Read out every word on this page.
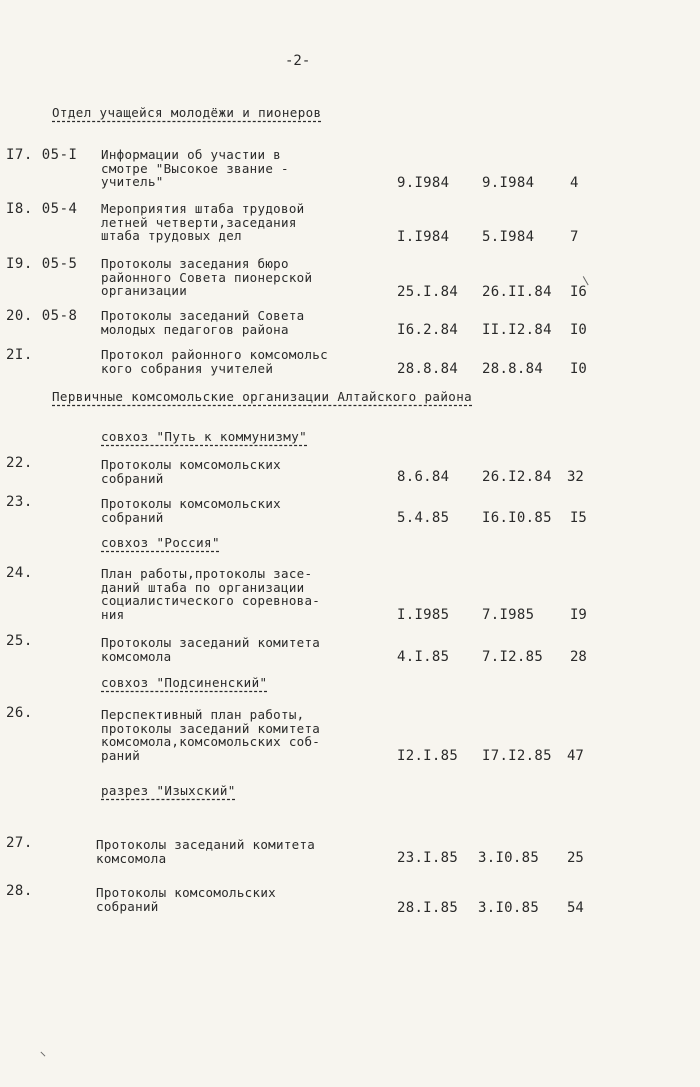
-2-
Отдел учащейся молодёжи и пионеров
I7. 05-I Информации об участии в
смотре "Высокое звание -
учитель"	9.I984 9.I984	4
I8. 05-4 Мероприятия штаба трудовой
летней четверти,заседания
штаба трудовых дел	I.I984 5.I984	7
I9. 05-5 Протоколы заседания бюро
районного Совета пионерской
организации	25.I.84 26.II.84 I6
20. 05-8 Протоколы заседаний Совета
молодых педагогов района	I6.2.84 II.I2.84 I0
2I.	Протокол районного комсомольс
кого собрания учителей	28.8.84 28.8.84 I0
Первичные комсомольские организации Алтайского района
совхоз "Путь к коммунизму"
22.	Протоколы комсомольских
собраний	8.6.84 26.I2.84 32
23.	Протоколы комсомольских
собраний	5.4.85 I6.I0.85 I5
совхоз "Россия"
24.	План работы,протоколы засе-
даний штаба по организации
социалистического соревнова-
ния	I.I985 7.I985	I9
25.	Протоколы заседаний комитета
комсомола	4.I.85 7.I2.85 28
совхоз "Подсиненский"
26.	Перспективный план работы,
протоколы заседаний комитета
комсомола,комсомольских соб-
раний	I2.I.85 I7.I2.85 47
разрез "Изыхский"
27.	Протоколы заседаний комитета
комсомола	23.I.85 3.I0.85 25
28.	Протоколы комсомольских
собраний	28.I.85 3.I0.85 54
